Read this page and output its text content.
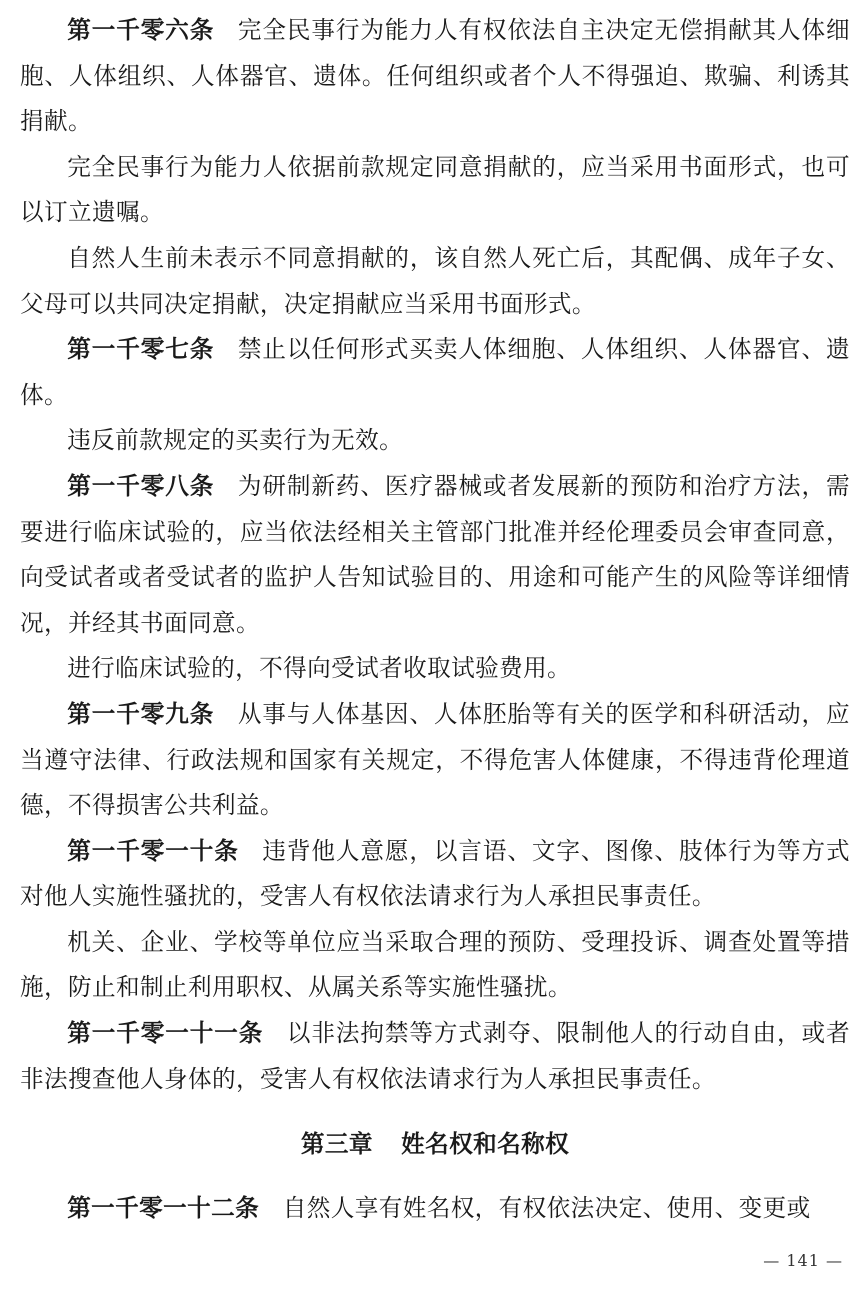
第一千零六条 完全民事行为能力人有权依法自主决定无偿捐献其人体细胞、人体组织、人体器官、遗体。任何组织或者个人不得强迫、欺骗、利诱其捐献。

完全民事行为能力人依据前款规定同意捐献的，应当采用书面形式，也可以订立遗嘱。

自然人生前未表示不同意捐献的，该自然人死亡后，其配偶、成年子女、父母可以共同决定捐献，决定捐献应当采用书面形式。

第一千零七条 禁止以任何形式买卖人体细胞、人体组织、人体器官、遗体。

违反前款规定的买卖行为无效。

第一千零八条 为研制新药、医疗器械或者发展新的预防和治疗方法，需要进行临床试验的，应当依法经相关主管部门批准并经伦理委员会审查同意，向受试者或者受试者的监护人告知试验目的、用途和可能产生的风险等详细情况，并经其书面同意。

进行临床试验的，不得向受试者收取试验费用。

第一千零九条 从事与人体基因、人体胚胎等有关的医学和科研活动，应当遵守法律、行政法规和国家有关规定，不得危害人体健康，不得违背伦理道德，不得损害公共利益。

第一千零一十条 违背他人意愿，以言语、文字、图像、肢体行为等方式对他人实施性骚扰的，受害人有权依法请求行为人承担民事责任。

机关、企业、学校等单位应当采取合理的预防、受理投诉、调查处置等措施，防止和制止利用职权、从属关系等实施性骚扰。

第一千零一十一条 以非法拘禁等方式剥夺、限制他人的行动自由，或者非法搜查他人身体的，受害人有权依法请求行为人承担民事责任。

第三章 姓名权和名称权

第一千零一十二条 自然人享有姓名权，有权依法决定、使用、变更或

— 141 —
